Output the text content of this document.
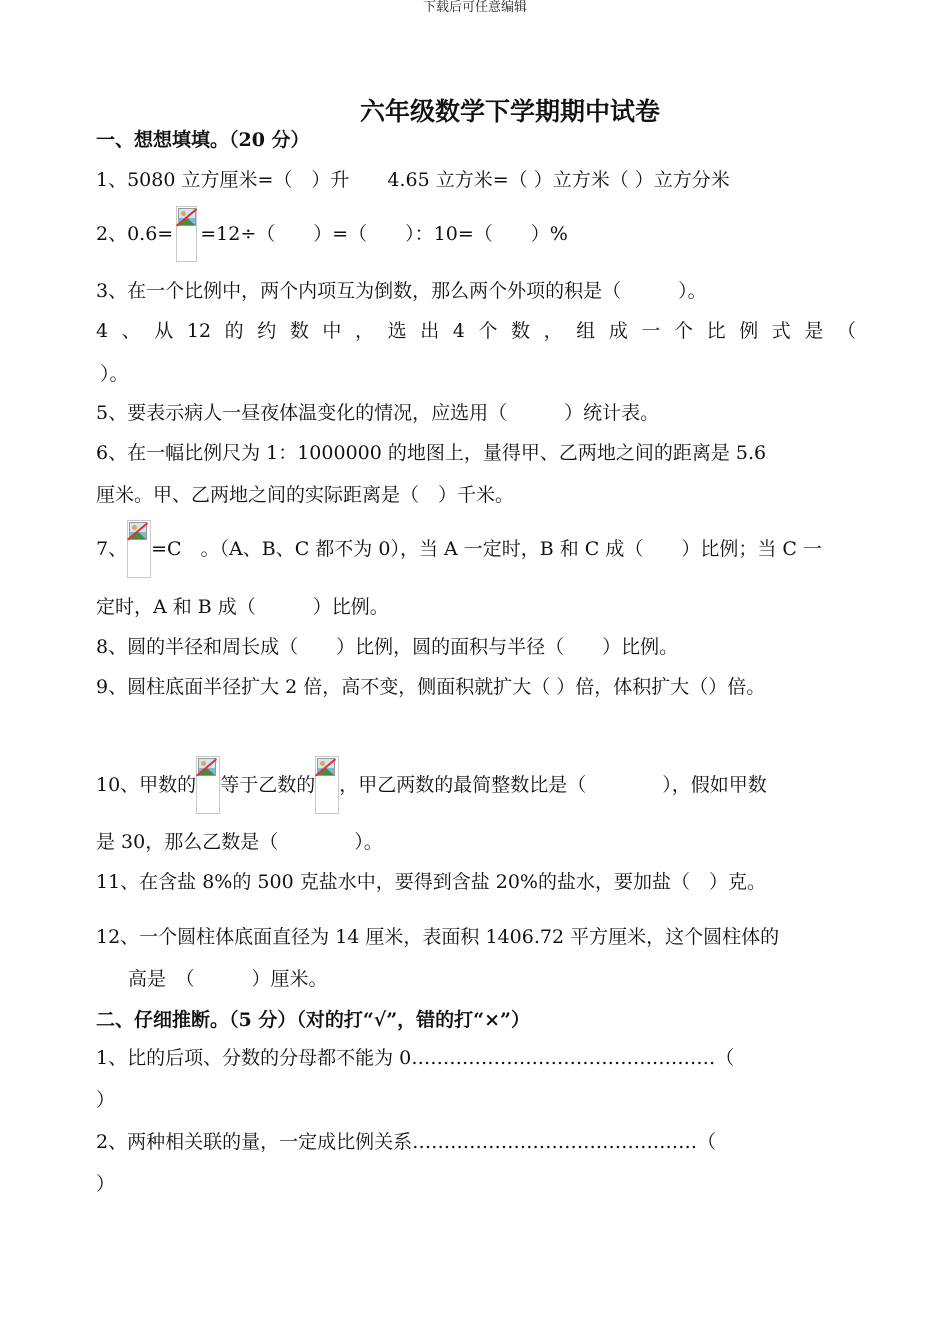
下载后可任意编辑
六年级数学下学期期中试卷
一、想想填填。（20 分）
1、5080 立方厘米=（　）升　　4.65 立方米=（ ）立方米（ ）立方分米
2、0.6= =12÷（　　）=（　　）：10=（　　）%
3、在一个比例中，两个内项互为倒数，那么两个外项的积是（　　　）。
4 、 从 12 的 约 数 中 ， 选 出 4 个 数 ， 组 成 一 个 比 例 式 是 （
）。
5、要表示病人一昼夜体温变化的情况，应选用（　　　）统计表。
6、在一幅比例尺为 1：1000000 的地图上，量得甲、乙两地之间的距离是 5.6
厘米。甲、乙两地之间的实际距离是（　）千米。
7、 =C　。（A、B、C 都不为 0），当 A 一定时，B 和 C 成（　　）比例；当 C 一
定时，A 和 B 成（　　　）比例。
8、圆的半径和周长成（　　）比例，圆的面积与半径（　　）比例。
9、圆柱底面半径扩大 2 倍，高不变，侧面积就扩大（ ）倍，体积扩大（）倍。
10、甲数的 等于乙数的 ，甲乙两数的最简整数比是（　　　　），假如甲数
是 30，那么乙数是（　　　　）。
11、在含盐 8%的 500 克盐水中，要得到含盐 20%的盐水，要加盐（　）克。
12、一个圆柱体底面直径为 14 厘米，表面积 1406.72 平方厘米，这个圆柱体的
高是　（　　　）厘米。
二、仔细推断。（5 分）（对的打“√”，错的打“×”）
1、比的后项、分数的分母都不能为 0…………………………………………（
）
2、两种相关联的量，一定成比例关系………………………………………（
）
